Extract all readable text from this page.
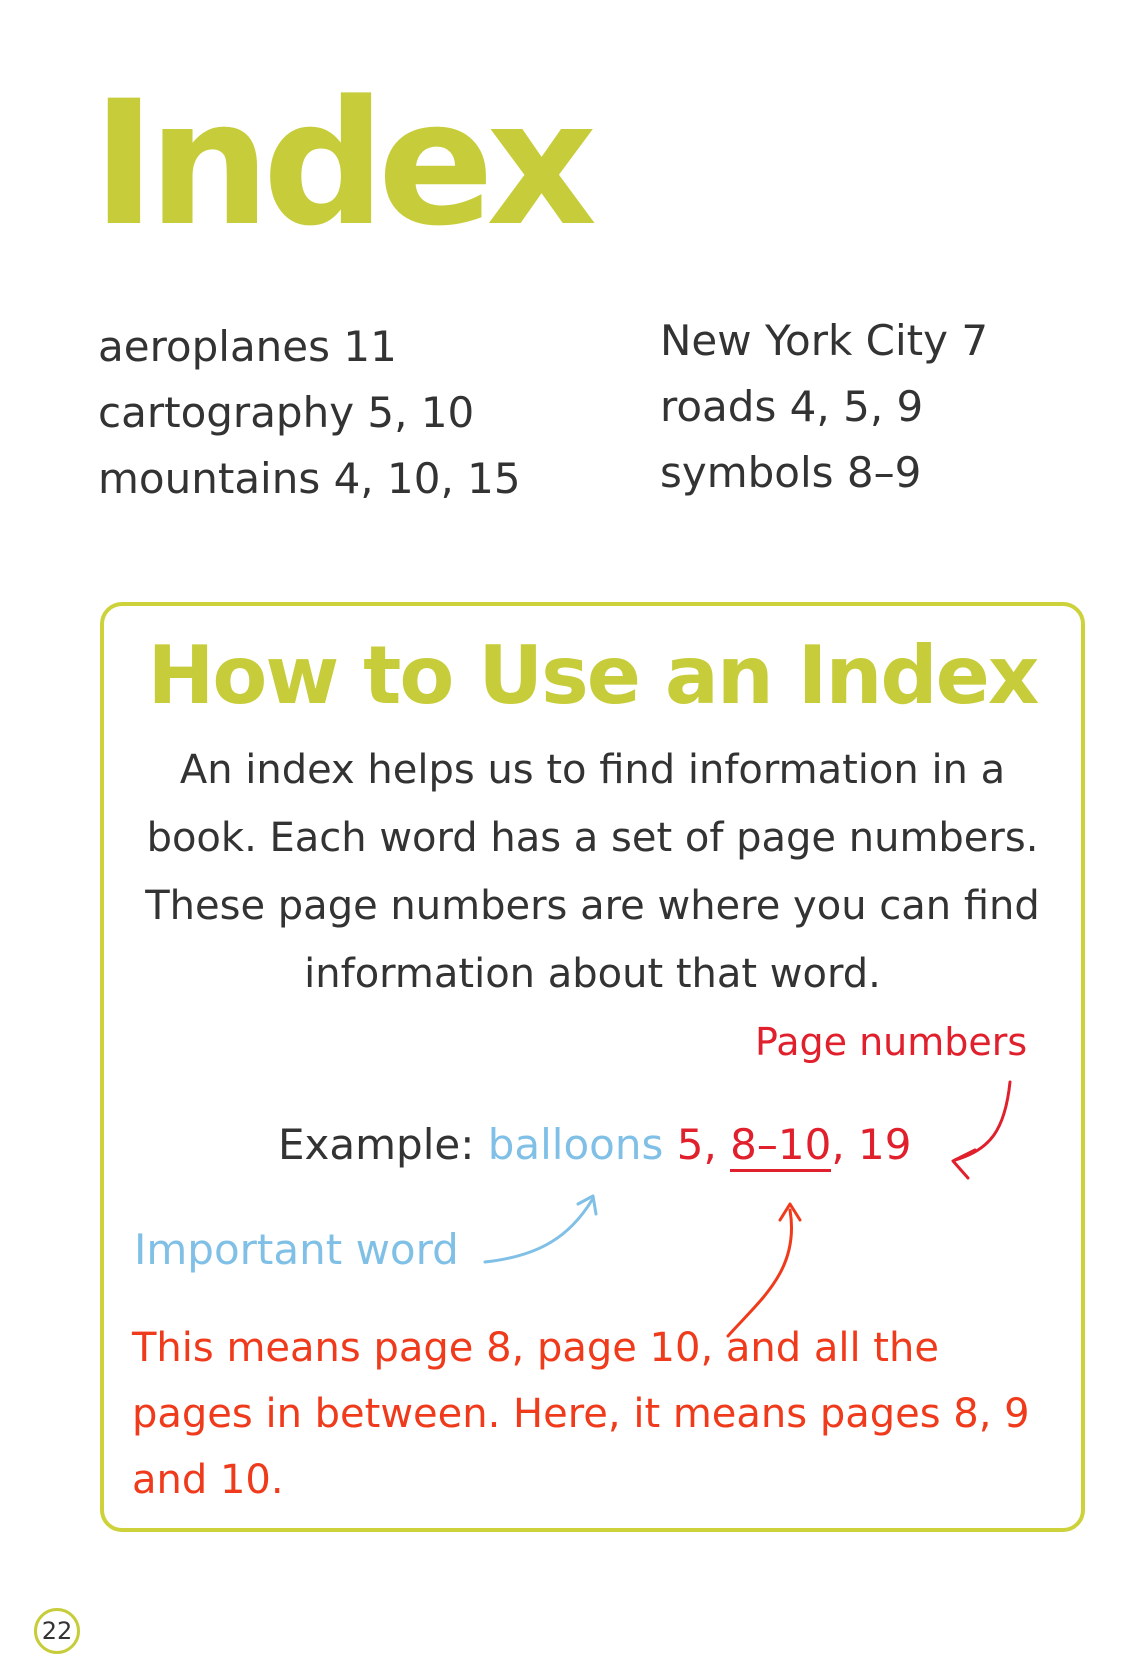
Index
aeroplanes 11
cartography 5, 10
mountains 4, 10, 15
New York City 7
roads 4, 5, 9
symbols 8–9
How to Use an Index

An index helps us to find information in a book. Each word has a set of page numbers. These page numbers are where you can find information about that word.

Page numbers
Example: balloons 5, 8–10, 19
Important word

This means page 8, page 10, and all the pages in between. Here, it means pages 8, 9 and 10.

22
